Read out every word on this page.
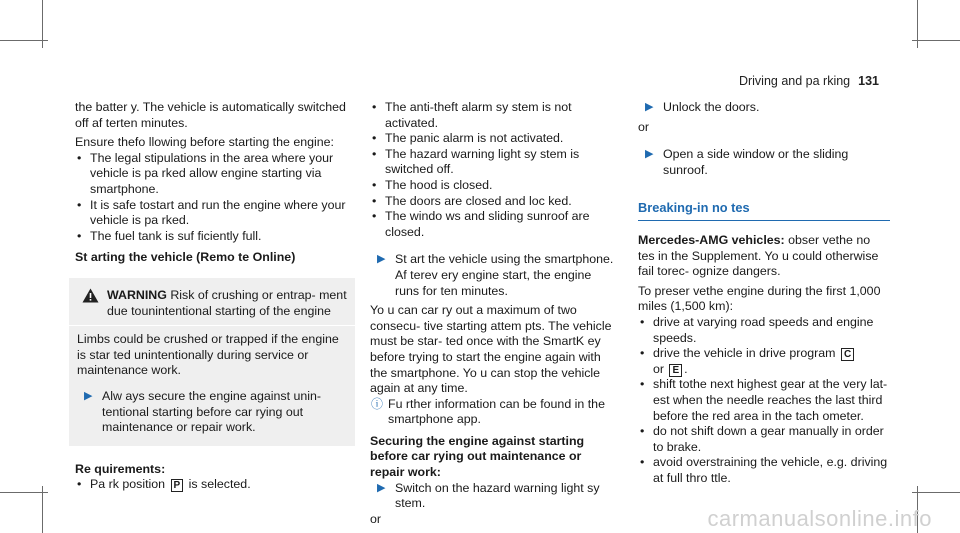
Driving and pa rking 131

the batter y. The vehicle is automatically switched off af terten minutes.

Ensure thefo llowing before starting the engine:

• The legal stipulations in the area where your vehicle is pa rked allow engine starting via smartphone.
• It is safe tostart and run the engine where your vehicle is pa rked.
• The fuel tank is suf ficiently full.

St arting the vehicle (Remo te Online)

WARNING Risk of crushing or entrap‐ ment due tounintentional starting of the engine

Limbs could be crushed or trapped if the engine is star ted unintentionally during service or maintenance work.

▶ Alw ays secure the engine against unin‐ tentional starting before car rying out maintenance or repair work.

Re quirements:

• Pa rk position P is selected.
• The anti-theft alarm sy stem is not activated.
• The panic alarm is not activated.
• The hazard warning light sy stem is switched off.
• The hood is closed.
• The doors are closed and loc ked.
• The windo ws and sliding sunroof are closed.
▶ St art the vehicle using the smartphone. Af terev ery engine start, the engine runs for ten minutes.

Yo u can car ry out a maximum of two consecu‐ tive starting attem pts. The vehicle must be star‐ ted once with the SmartK ey before trying to start the engine again with the smartphone. Yo u can stop the vehicle again at any time.

ⓘ Fu rther information can be found in the smartphone app.

Securing the engine against starting before car rying out maintenance or repair work:

▶ Switch on the hazard warning light sy stem.

or

▶ Unlock the doors.

or

▶ Open a side window or the sliding sunroof.
Breaking-in no tes

Mercedes-AMG vehicles: obser vethe no tes in the Supplement. Yo u could otherwise fail torec‐ ognize dangers.

To preser vethe engine during the first 1,000 miles (1,500 km):

• drive at varying road speeds and engine speeds.
• drive the vehicle in drive program C
or E .
• shift tothe next highest gear at the very lat‐ est when the needle reaches the last third before the red area in the tach ometer.
• do not shift down a gear manually in order to brake.
• avoid overstraining the vehicle, e.g. driving at full thro ttle.
carmanualsonline.info
